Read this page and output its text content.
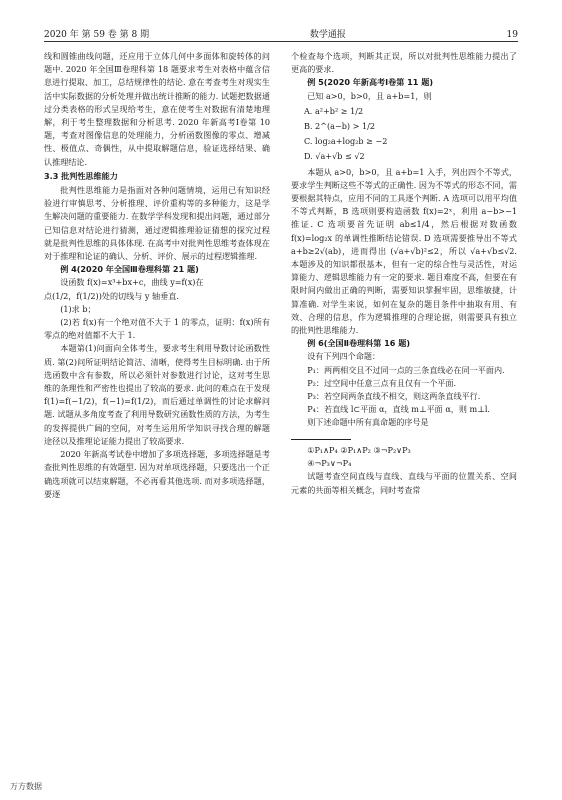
2020 年 第 59 卷 第 8 期	数学通报	19

线和圆锥曲线问题，还应用于立体几何中多面体和旋转体的问题中. 2020 年全国Ⅲ卷理科第 18 题要求考生对表格中蕴含信息进行提取、加工，总结规律性的结论. 意在考查考生对现实生活中实际数据的分析处理并做出统计推断的能力. 试题把数据通过分类表格的形式呈现给考生，意在使考生对数据有清楚地理解，利于考生整理数据和分析思考. 2020 年新高考Ⅰ卷第 10 题，考查对图像信息的处理能力，分析函数图像的零点、增减性、极值点、奇偶性，从中提取解题信息，验证选择结果、确认推理结论.

3.3 批判性思维能力

批判性思维能力是指面对各种问题情境，运用已有知识经验进行审慎思考、分析推理、评价重构等的多种能力，这是学生解决问题的重要能力. 在数学学科发现和提出问题，通过部分已知信息对结论进行猜测，通过逻辑推理验证猜想的探究过程就是批判性思维的具体体现. 在高考中对批判性思维考查体现在对于推理和论证的确认、分析、评价、展示的过程逻辑推理.

例 4(2020 年全国Ⅲ卷理科第 21 题)

设函数 f(x)=x³+bx+c，曲线 y=f(x)在

点(1/2，f(1/2))处的切线与 y 轴垂直.

(1)求 b；

(2)若 f(x)有一个绝对值不大于 1 的零点，证明：f(x)所有零点的绝对值都不大于 1.

本题第(1)问面向全体考生，要求考生利用导数讨论函数性质. 第(2)问所证明结论简洁、清晰，使得考生目标明确. 由于所选函数中含有参数，所以必须针对参数进行讨论，这对考生思维的条理性和严密性也提出了较高的要求. 此问的难点在于发现 f(1)=f(−1/2)，f(−1)=f(1/2)，而后通过单调性的讨论求解问题. 试题从多角度考查了利用导数研究函数性质的方法，为考生的发挥提供广阔的空间，对考生运用所学知识寻找合理的解题途径以及推理论证能力提出了较高要求.

2020 年新高考试卷中增加了多项选择题，多项选择题是考查批判性思维的有效题型. 因为对单项选择题，只要选出一个正确选项就可以结束解题，不必再看其他选项. 而对多项选择题，要逐

个检查每个选项，判断其正误，所以对批判性思维能力提出了更高的要求.

例 5(2020 年新高考Ⅰ卷第 11 题)

已知 a>0，b>0，且 a+b=1，则

A. a²+b² ≥ 1/2

B. 2^(a−b) > 1/2

C. log₂a+log₂b ≥ −2

D. √a+√b ≤ √2

本题从 a>0，b>0，且 a+b=1 入手，列出四个不等式，要求学生判断这些不等式的正确性. 因为不等式的形态不同，需要根据其特点，应用不同的工具逐个判断. A 选项可以用平均值不等式判断，B 选项则要构造函数 f(x)=2ˣ，利用 a−b>−1 推证. C 选项要首先证明 ab≤1/4，然后根据对数函数 f(x)=log₂x 的单调性推断结论错误. D 选项需要推导出不等式 a+b≥2√(ab)，进而得出 (√a+√b)²≤2，所以 √a+√b≤√2. 本题涉及的知识都很基本，但有一定的综合性与灵活性，对运算能力、逻辑思维能力有一定的要求. 题目难度不高，但要在有限时间内做出正确的判断，需要知识掌握牢固，思维敏捷，计算准确. 对学生来说，如何在复杂的题目条件中抽取有用、有效、合理的信息，作为逻辑推理的合理论据，则需要具有独立的批判性思维能力.

例 6(全国Ⅱ卷理科第 16 题)

设有下列四个命题：

P₁：两两相交且不过同一点的三条直线必在同一平面内.

P₂：过空间中任意三点有且仅有一个平面.

P₃：若空间两条直线不相交，则这两条直线平行.

P₄：若直线 l⊂平面 α，直线 m⊥平面 α，则 m⊥l.

则下述命题中所有真命题的序号是

①P₁∧P₄ ②P₁∧P₂ ③¬P₂∨P₃

④¬P₃∨¬P₄

试题考查空间直线与直线、直线与平面的位置关系、空间元素的共面等相关概念，同时考查常

万方数据
